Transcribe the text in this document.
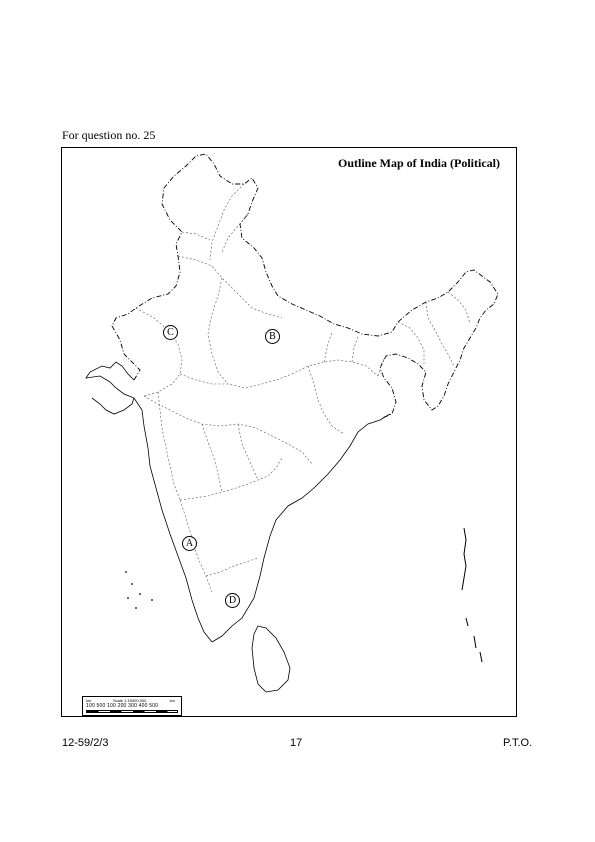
For question no. 25
Outline Map of India (Political)
C	B
A
D
km	Scale 1:15000,000	km
100 500 100 200 300 400 500
12-59/2/3	17	P.T.O.
